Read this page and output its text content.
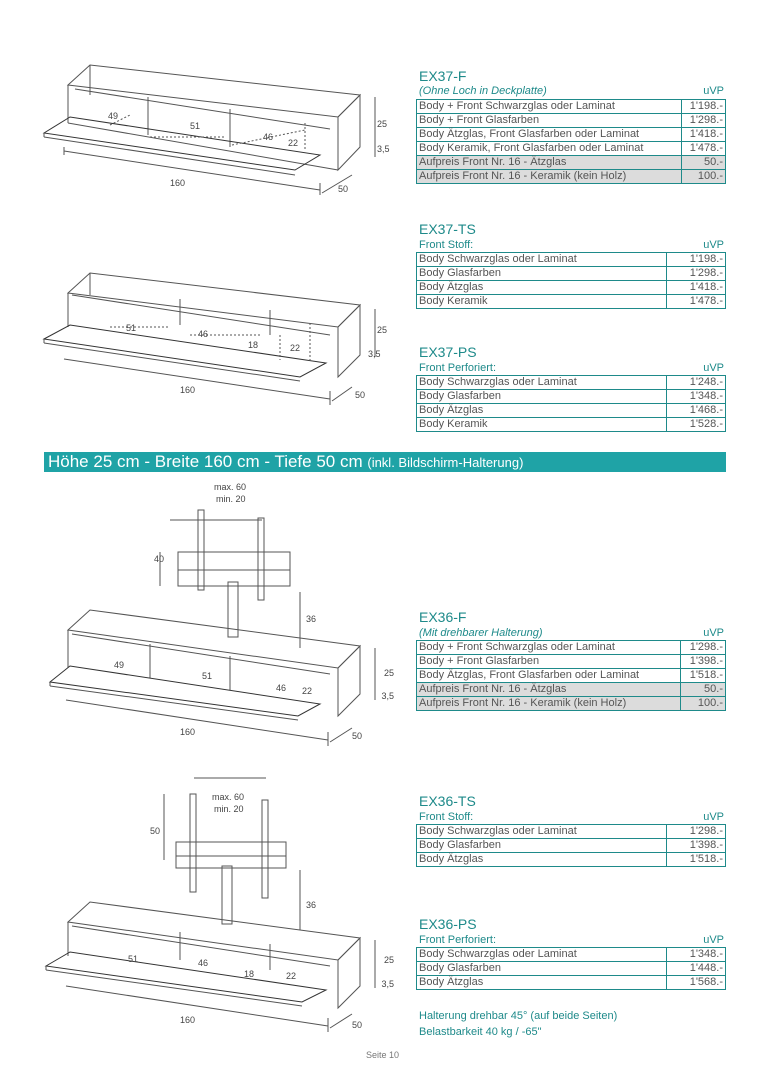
49
51
46
22
25
3,5
160
50
51
46
18	22
25
3,5
160	50
max. 60
min. 20
40
36
49
51
46 22
25
3,5
160	50
max. 60
min. 20
50
36
51	46
18	22
25
3,5
160	50
EX37-F
(Ohne Loch in Deckplatte)	uVP
Body + Front Schwarzglas oder Laminat	1'198.-
Body + Front Glasfarben	1'298.-
Body Ätzglas, Front Glasfarben oder Laminat	1'418.-
Body Keramik, Front Glasfarben oder Laminat	1'478.-
Aufpreis Front Nr. 16 - Ätzglas	50.-
Aufpreis Front Nr. 16 - Keramik (kein Holz)	100.-
EX37-TS
Front Stoff:	uVP
Body Schwarzglas oder Laminat	1'198.-
Body Glasfarben	1'298.-
Body Ätzglas	1'418.-
Body Keramik	1'478.-
EX37-PS
Front Perforiert:	uVP
Body Schwarzglas oder Laminat	1'248.-
Body Glasfarben	1'348.-
Body Ätzglas	1'468.-
Body Keramik	1'528.-
Höhe 25 cm - Breite 160 cm - Tiefe 50 cm (inkl. Bildschirm-Halterung)
EX36-F
(Mit drehbarer Halterung)	uVP
Body + Front Schwarzglas oder Laminat	1'298.-
Body + Front Glasfarben	1'398.-
Body Ätzglas, Front Glasfarben oder Laminat	1'518.-
Aufpreis Front Nr. 16 - Ätzglas	50.-
Aufpreis Front Nr. 16 - Keramik (kein Holz)	100.-
EX36-TS
Front Stoff:	uVP
Body Schwarzglas oder Laminat	1'298.-
Body Glasfarben	1'398.-
Body Ätzglas	1'518.-
EX36-PS
Front Perforiert:	uVP
Body Schwarzglas oder Laminat	1'348.-
Body Glasfarben	1'448.-
Body Ätzglas	1'568.-
Halterung drehbar 45° (auf beide Seiten)
Belastbarkeit 40 kg / -65"
Seite 10
